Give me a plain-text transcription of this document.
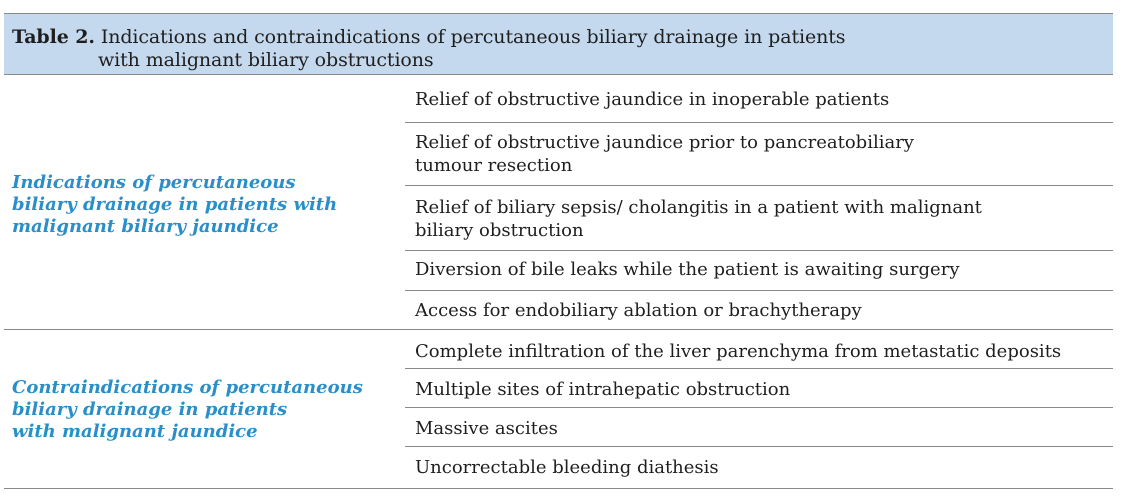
Table 2. Indications and contraindications of percutaneous biliary drainage in patients
with malignant biliary obstructions
Indications of percutaneous
biliary drainage in patients with
malignant biliary jaundice
Relief of obstructive jaundice in inoperable patients
Relief of obstructive jaundice prior to pancreatobiliary
tumour resection
Relief of biliary sepsis/ cholangitis in a patient with malignant
biliary obstruction
Diversion of bile leaks while the patient is awaiting surgery
Access for endobiliary ablation or brachytherapy
Contraindications of percutaneous
biliary drainage in patients
with malignant jaundice
Complete infiltration of the liver parenchyma from metastatic deposits
Multiple sites of intrahepatic obstruction
Massive ascites
Uncorrectable bleeding diathesis
